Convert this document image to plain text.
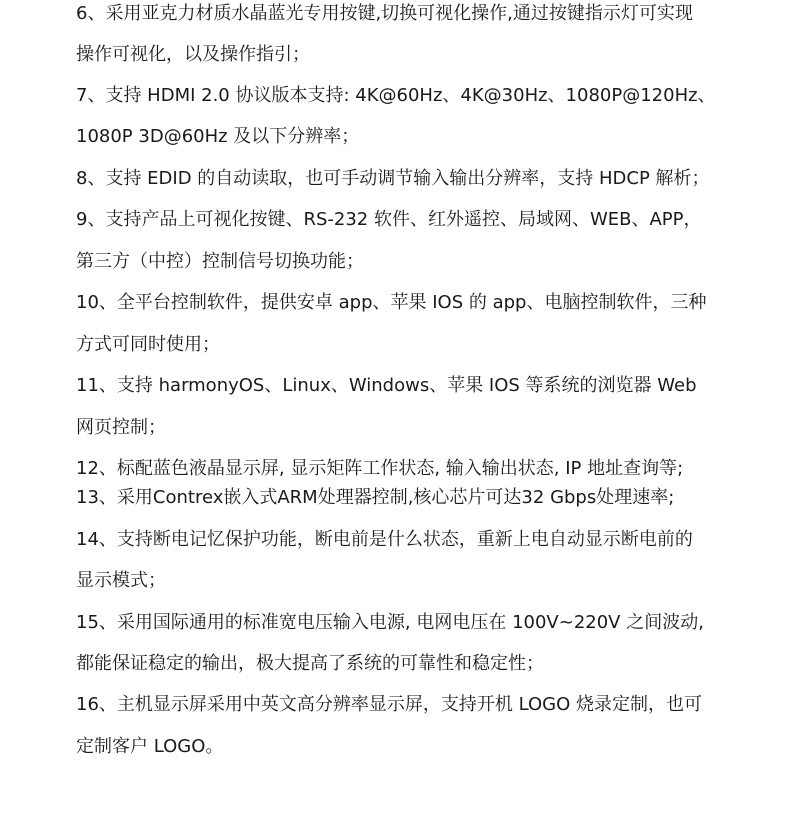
6、采用亚克力材质水晶蓝光专用按键,切换可视化操作,通过按键指示灯可实现
操作可视化，以及操作指引；
7、支持 HDMI 2.0 协议版本支持: 4K@60Hz、4K@30Hz、1080P@120Hz、
1080P 3D@60Hz 及以下分辨率；
8、支持 EDID 的自动读取，也可手动调节输入输出分辨率，支持 HDCP 解析；
9、支持产品上可视化按键、RS-232 软件、红外遥控、局域网、WEB、APP，
第三方（中控）控制信号切换功能；
10、全平台控制软件，提供安卓 app、苹果 IOS 的 app、电脑控制软件，三种
方式可同时使用；
11、支持 harmonyOS、Linux、Windows、苹果 IOS 等系统的浏览器 Web
网页控制；
12、标配蓝色液晶显示屏, 显示矩阵工作状态, 输入输出状态, IP 地址查询等;
13、采用Contrex嵌入式ARM处理器控制,核心芯片可达32 Gbps处理速率;
14、支持断电记忆保护功能，断电前是什么状态，重新上电自动显示断电前的
显示模式；
15、采用国际通用的标准宽电压输入电源, 电网电压在 100V~220V 之间波动,
都能保证稳定的输出，极大提高了系统的可靠性和稳定性；
16、主机显示屏采用中英文高分辨率显示屏，支持开机 LOGO 烧录定制，也可
定制客户 LOGO。
